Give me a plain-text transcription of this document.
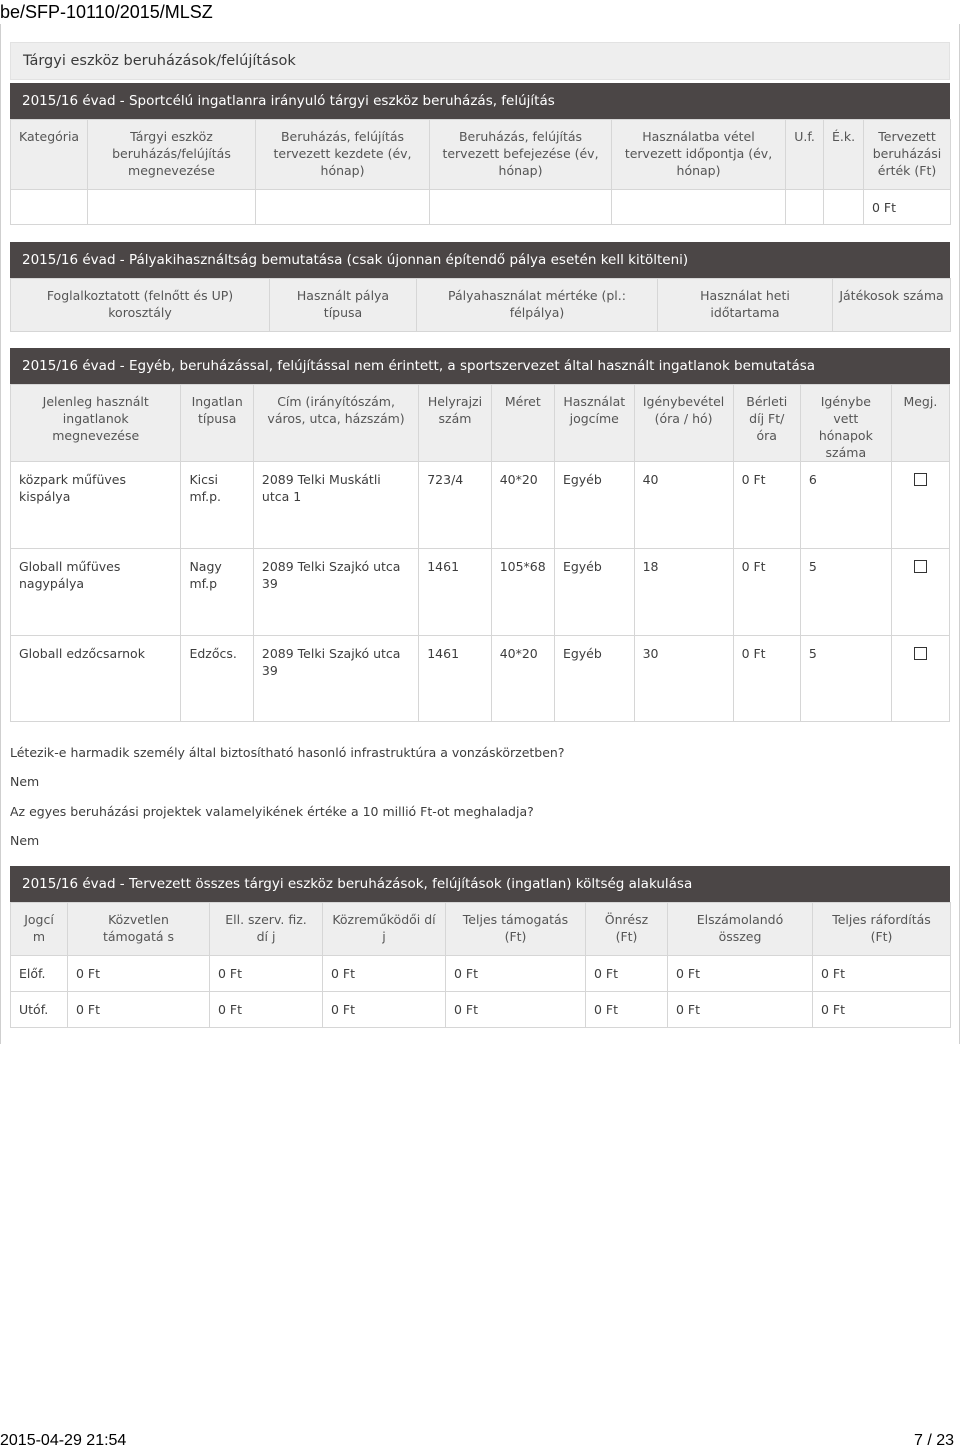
be/SFP-10110/2015/MLSZ
Tárgyi eszköz beruházások/felújítások
2015/16 évad - Sportcélú ingatlanra irányuló tárgyi eszköz beruházás, felújítás
Kategória	Tárgyi eszköz beruházás/felújítás megnevezése	Beruházás, felújítás tervezett kezdete (év, hónap)	Beruházás, felújítás tervezett befejezése (év, hónap)	Használatba vétel tervezett időpontja (év, hónap)	U.f.	É.k.	Tervezett beruházási érték (Ft)
							0 Ft
2015/16 évad - Pályakihasználtság bemutatása (csak újonnan építendő pálya esetén kell kitölteni)
Foglalkoztatott (felnőtt és UP) korosztály	Használt pálya típusa	Pályahasználat mértéke (pl.: félpálya)	Használat heti időtartama	Játékosok száma
2015/16 évad - Egyéb, beruházással, felújítással nem érintett, a sportszervezet által használt ingatlanok bemutatása
Jelenleg használt ingatlanok megnevezése	Ingatlan típusa	Cím (irányítószám, város, utca, házszám)	Helyrajzi szám	Méret	Használat jogcíme	Igénybevétel (óra / hó)	Bérleti díj Ft/óra	Igénybe vett hónapok száma	Megj.
közpark műfüves kispálya	Kicsi mf.p.	2089 Telki Muskátli utca 1	723/4	40*20	Egyéb	40	0 Ft	6	
Globall műfüves nagypálya	Nagy mf.p	2089 Telki Szajkó utca 39	1461	105*68	Egyéb	18	0 Ft	5	
Globall edzőcsarnok	Edzőcs.	2089 Telki Szajkó utca 39	1461	40*20	Egyéb	30	0 Ft	5	
Létezik-e harmadik személy által biztosítható hasonló infrastruktúra a vonzáskörzetben?
Nem
Az egyes beruházási projektek valamelyikének értéke a 10 millió Ft-ot meghaladja?
Nem
2015/16 évad - Tervezett összes tárgyi eszköz beruházások, felújítások (ingatlan) költség alakulása
Jogcí m	Közvetlen támogatá s	Ell. szerv. fiz. dí j	Közreműködői dí j	Teljes támogatás (Ft)	Önrész (Ft)	Elszámolandó összeg	Teljes ráfordítás (Ft)
Előf.	0 Ft	0 Ft	0 Ft	0 Ft	0 Ft	0 Ft	0 Ft
Utóf.	0 Ft	0 Ft	0 Ft	0 Ft	0 Ft	0 Ft	0 Ft
2015-04-29 21:54	7 / 23
